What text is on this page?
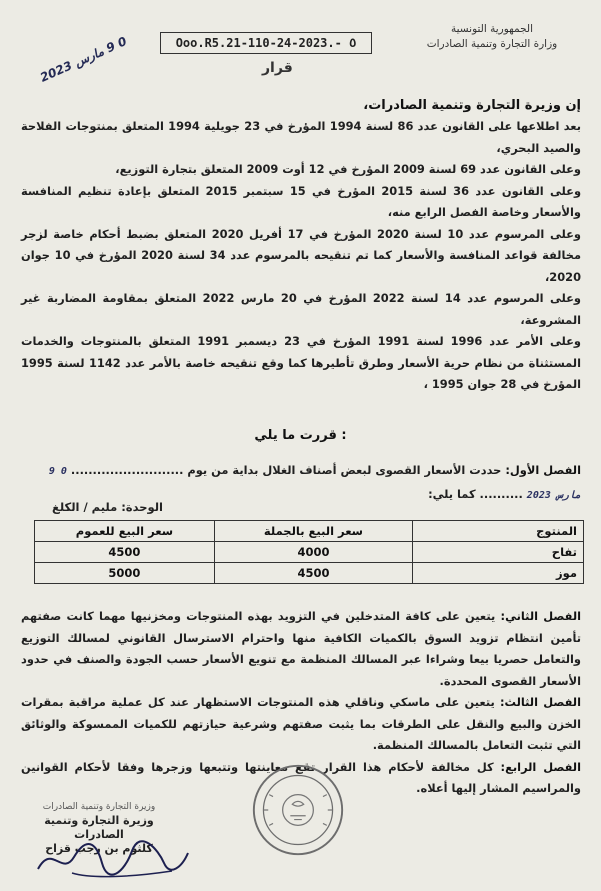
الجمهورية التونسية
وزارة التجارة وتنمية الصادرات
Ooo.R5.21-110-24-2023.- ٥
قرار
0 9 مارس 2023
إن وزيرة التجارة وتنمية الصادرات،

بعد اطلاعها على القانون عدد 86 لسنة 1994 المؤرخ في 23 جويلية 1994 المتعلق بمنتوجات الفلاحة والصيد البحري،

وعلى القانون عدد 69 لسنة 2009 المؤرخ في 12 أوت 2009 المتعلق بتجارة التوزيع،

وعلى القانون عدد 36 لسنة 2015 المؤرخ في 15 سبتمبر 2015 المتعلق بإعادة تنظيم المنافسة والأسعار وخاصة الفصل الرابع منه،

وعلى المرسوم عدد 10 لسنة 2020 المؤرخ في 17 أفريل 2020 المتعلق بضبط أحكام خاصة لزجر مخالفة قواعد المنافسة والأسعار كما تم تنقيحه بالمرسوم عدد 34 لسنة 2020 المؤرخ في 10 جوان 2020،

وعلى المرسوم عدد 14 لسنة 2022 المؤرخ في 20 مارس 2022 المتعلق بمقاومة المضاربة غير المشروعة،

وعلى الأمر عدد 1996 لسنة 1991 المؤرخ في 23 ديسمبر 1991 المتعلق بالمنتوجات والخدمات المستثناة من نظام حرية الأسعار وطرق تأطيرها كما وقع تنقيحه خاصة بالأمر عدد 1142 لسنة 1995 المؤرخ في 28 جوان 1995 ،

قررت ما يلي :
الفصل الأول: حددت الأسعار القصوى لبعض أصناف الغلال بداية من يوم .......................... 0 9 مارس 2023 .......... كما يلي:
الوحدة: مليم / الكلغ
المنتوج	سعر البيع بالجملة	سعر البيع للعموم
تفاح	4000	4500
موز	4500	5000

الفصل الثاني: يتعين على كافة المتدخلين في التزويد بهذه المنتوجات ومخزنيها مهما كانت صفتهم تأمين انتظام تزويد السوق بالكميات الكافية منها واحترام الاسترسال القانوني لمسالك التوزيع والتعامل حصريا بيعا وشراءا عبر المسالك المنظمة مع تنويع الأسعار حسب الجودة والصنف في حدود الأسعار القصوى المحددة.

الفصل الثالث: يتعين على ماسكي وناقلي هذه المنتوجات الاستظهار عند كل عملية مراقبة بمقرات الخزن والبيع والنقل على الطرقات بما يثبت صفتهم وشرعية حيازتهم للكميات الممسوكة والوثائق التي تثبت التعامل بالمسالك المنظمة.

الفصل الرابع: كل مخالفة لأحكام هذا القرار تقع معاينتها وتتبعها وزجرها وفقا لأحكام القوانين والمراسيم المشار إليها أعلاه.

وزيرة التجارة وتنمية الصادرات
وزيرة التجارة وتنمية الصادرات
كلثوم بن رجب قزاح
